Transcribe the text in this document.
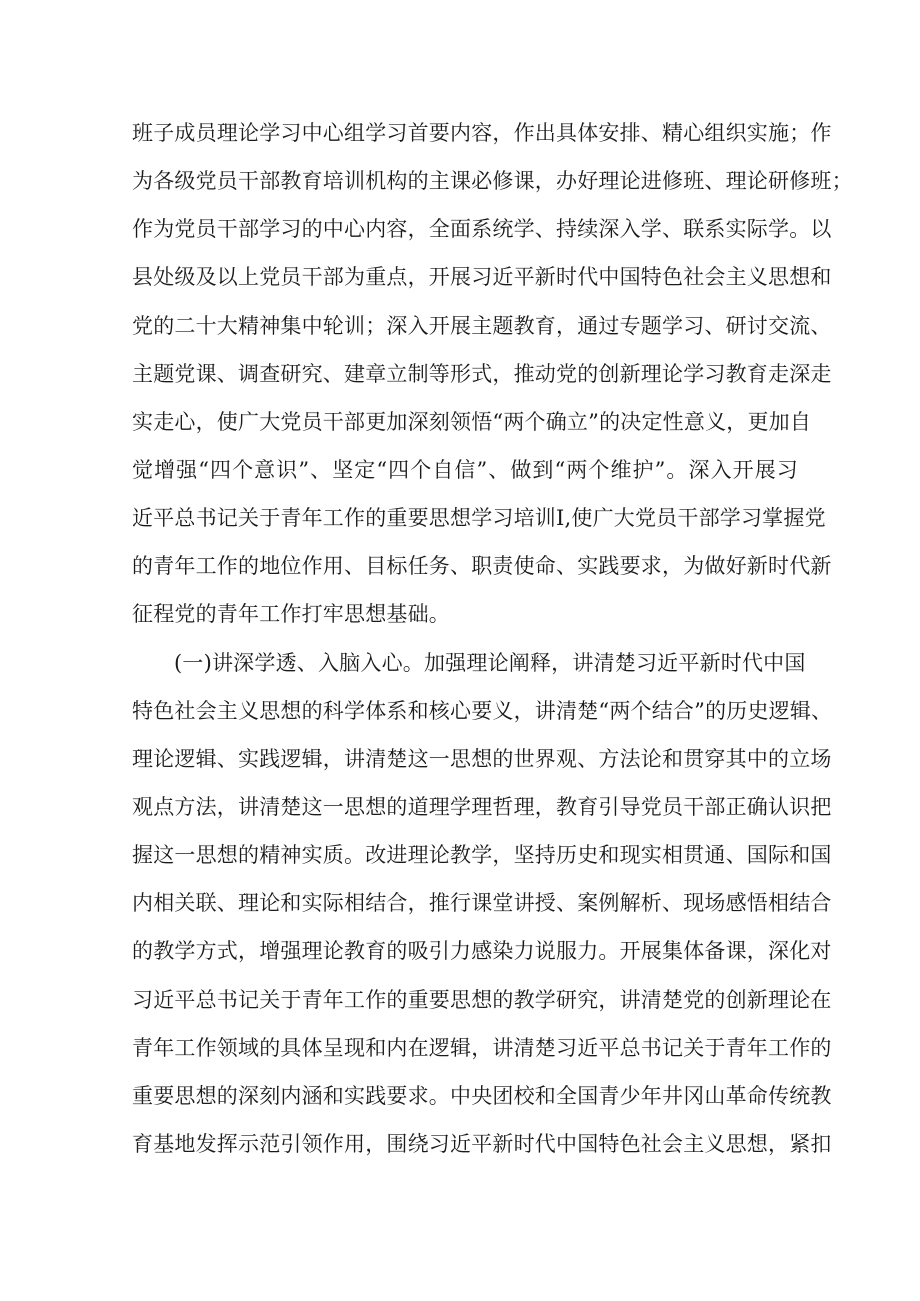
班子成员理论学习中心组学习首要内容，作出具体安排、精心组织实施；作
为各级党员干部教育培训机构的主课必修课，办好理论进修班、理论研修班；
作为党员干部学习的中心内容，全面系统学、持续深入学、联系实际学。以
县处级及以上党员干部为重点，开展习近平新时代中国特色社会主义思想和
党的二十大精神集中轮训；深入开展主题教育，通过专题学习、研讨交流、
主题党课、调查研究、建章立制等形式，推动党的创新理论学习教育走深走
实走心，使广大党员干部更加深刻领悟“两个确立”的决定性意义，更加自
觉增强“四个意识”、坚定“四个自信”、做到“两个维护”。深入开展习
近平总书记关于青年工作的重要思想学习培训I,使广大党员干部学习掌握党
的青年工作的地位作用、目标任务、职责使命、实践要求，为做好新时代新
征程党的青年工作打牢思想基础。
(一)讲深学透、入脑入心。加强理论阐释，讲清楚习近平新时代中国
特色社会主义思想的科学体系和核心要义，讲清楚“两个结合”的历史逻辑、
理论逻辑、实践逻辑，讲清楚这一思想的世界观、方法论和贯穿其中的立场
观点方法，讲清楚这一思想的道理学理哲理，教育引导党员干部正确认识把
握这一思想的精神实质。改进理论教学，坚持历史和现实相贯通、国际和国
内相关联、理论和实际相结合，推行课堂讲授、案例解析、现场感悟相结合
的教学方式，增强理论教育的吸引力感染力说服力。开展集体备课，深化对
习近平总书记关于青年工作的重要思想的教学研究，讲清楚党的创新理论在
青年工作领域的具体呈现和内在逻辑，讲清楚习近平总书记关于青年工作的
重要思想的深刻内涵和实践要求。中央团校和全国青少年井冈山革命传统教
育基地发挥示范引领作用，围绕习近平新时代中国特色社会主义思想，紧扣
